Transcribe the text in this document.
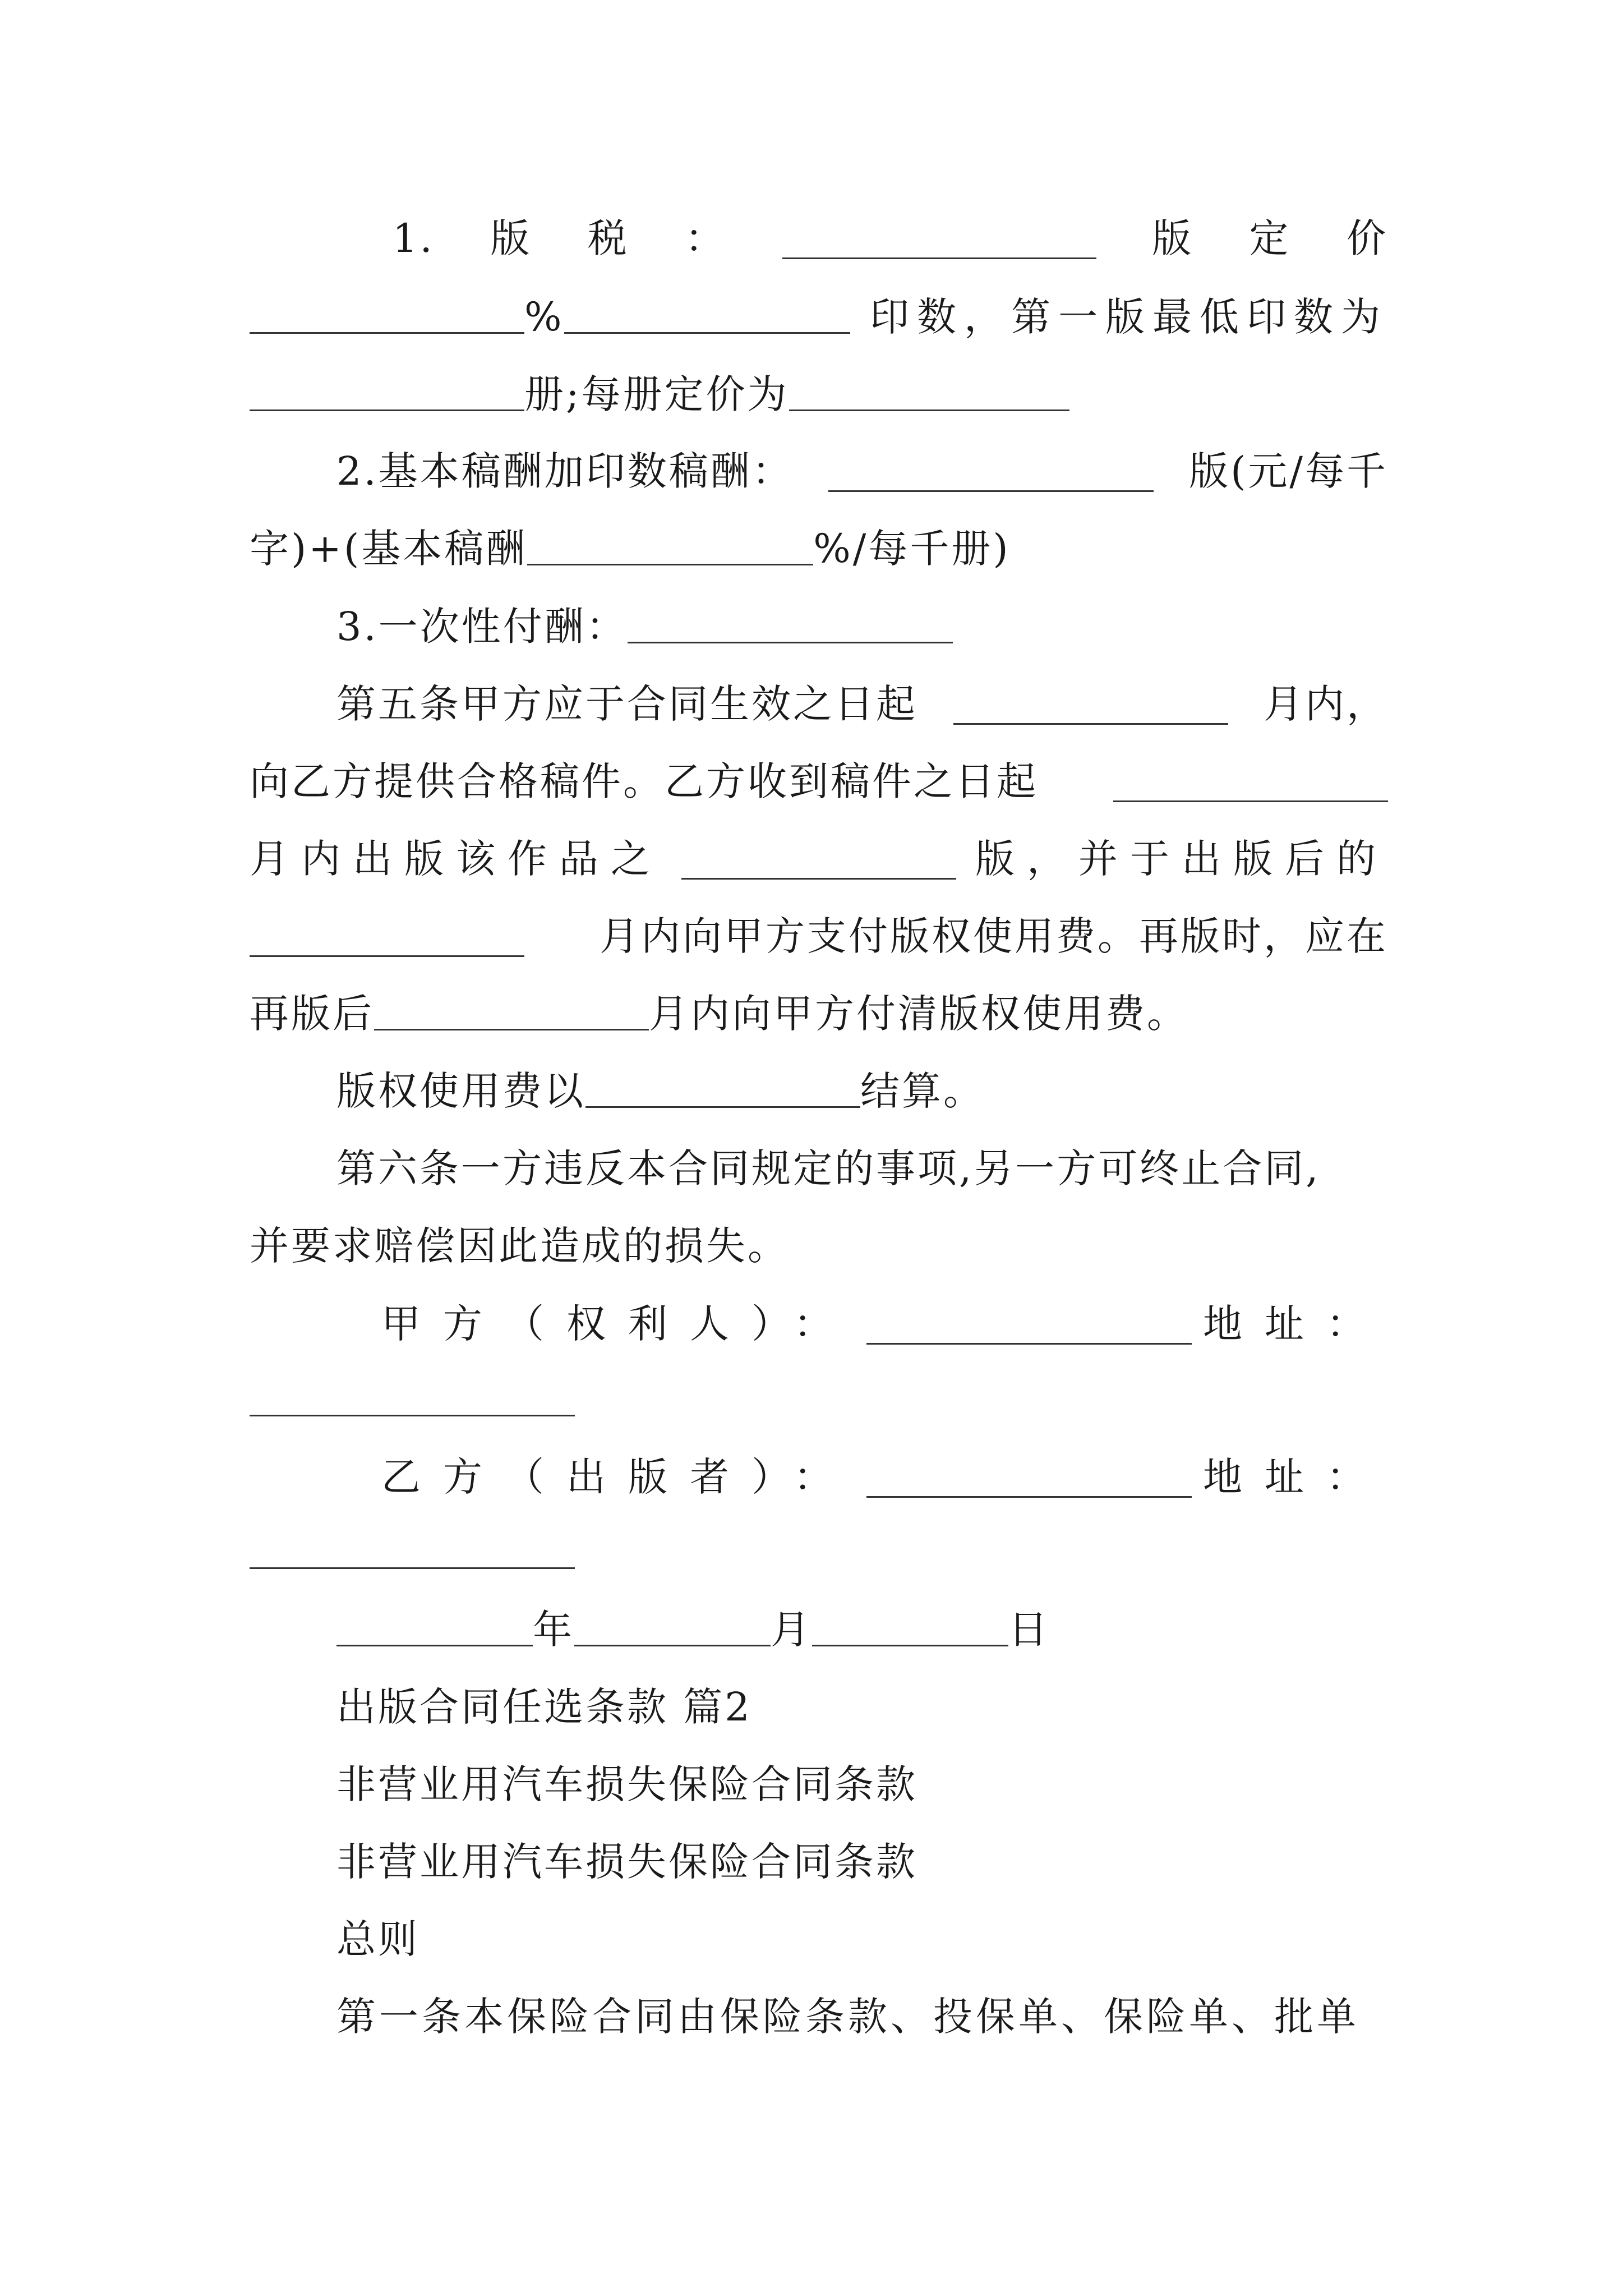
1. 版 税 ：	版 定 价
%	印数，第一版最低印数为
册;每册定价为
2.基本稿酬加印数稿酬：	版(元/每千
字)+(基本稿酬	%/每千册)
3.一次性付酬：
第五条甲方应于合同生效之日起	月内，
向乙方提供合格稿件。乙方收到稿件之日起
月内出版该作品之	版，并于出版后的
月内向甲方支付版权使用费。再版时，应在
再版后	月内向甲方付清版权使用费。
版权使用费以	结算。
第六条一方违反本合同规定的事项,另一方可终止合同,
并要求赔偿因此造成的损失。
甲方（权利人）：	地址：
乙方（出版者）：	地址：
年	月	日
出版合同任选条款 篇2
非营业用汽车损失保险合同条款
非营业用汽车损失保险合同条款
总则
第一条本保险合同由保险条款、投保单、保险单、批单
